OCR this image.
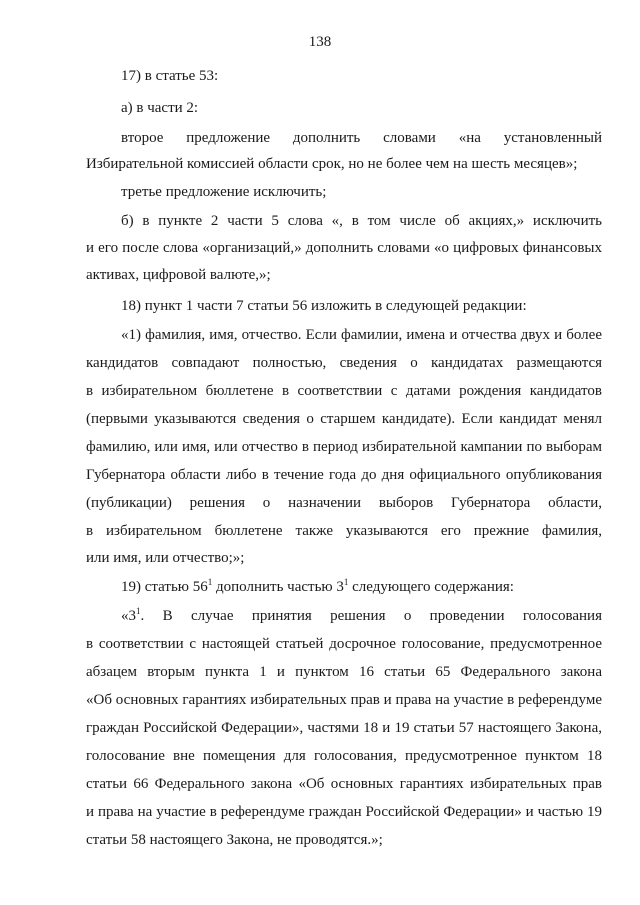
138

17) в статье 53:

а) в части 2:

второе предложение дополнить словами «на установленный

Избирательной комиссией области срок, но не более чем на шесть месяцев»;

третье предложение исключить;

б) в пункте 2 части 5 слова «, в том числе об акциях,» исключить

и его после слова «организаций,» дополнить словами «о цифровых финансовых

активах, цифровой валюте,»;

18) пункт 1 части 7 статьи 56 изложить в следующей редакции:

«1) фамилия, имя, отчество. Если фамилии, имена и отчества двух и более

кандидатов совпадают полностью, сведения о кандидатах размещаются

в избирательном бюллетене в соответствии с датами рождения кандидатов

(первыми указываются сведения о старшем кандидате). Если кандидат менял

фамилию, или имя, или отчество в период избирательной кампании по выборам

Губернатора области либо в течение года до дня официального опубликования

(публикации) решения о назначении выборов Губернатора области,

в избирательном бюллетене также указываются его прежние фамилия,

или имя, или отчество;»;

19) статью $56^1$ дополнить частью $3^1$ следующего содержания:

«$3^1$. В случае принятия решения о проведении голосования

в соответствии с настоящей статьей досрочное голосование, предусмотренное

абзацем вторым пункта 1 и пунктом 16 статьи 65 Федерального закона

«Об основных гарантиях избирательных прав и права на участие в референдуме

граждан Российской Федерации», частями 18 и 19 статьи 57 настоящего Закона,

голосование вне помещения для голосования, предусмотренное пунктом 18

статьи 66 Федерального закона «Об основных гарантиях избирательных прав

и права на участие в референдуме граждан Российской Федерации» и частью 19

статьи 58 настоящего Закона, не проводятся.»;
